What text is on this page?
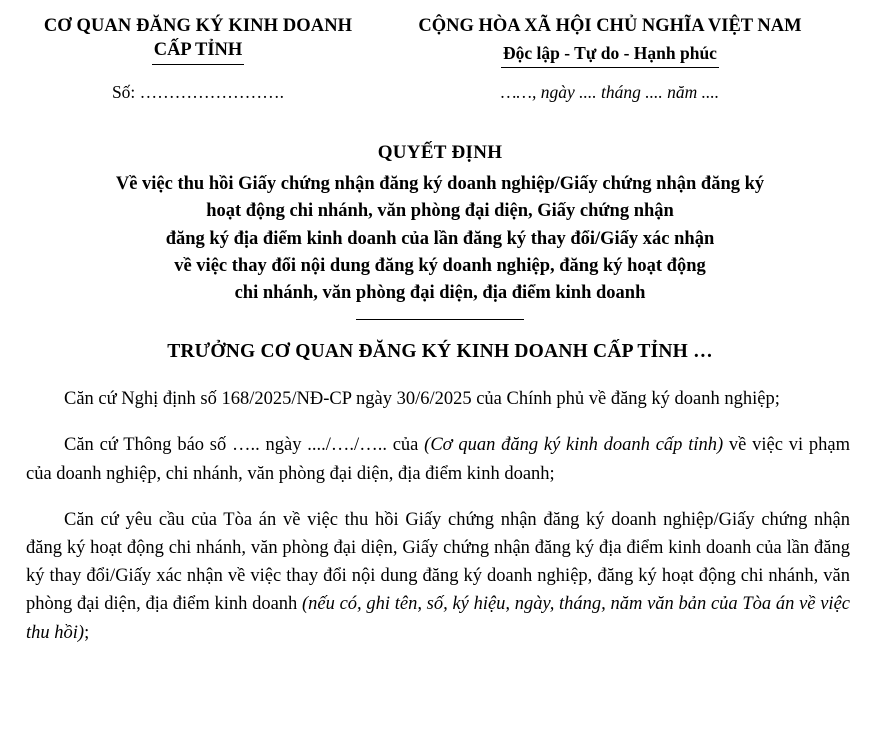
CƠ QUAN ĐĂNG KÝ KINH DOANH
CẤP TỈNH
CỘNG HÒA XÃ HỘI CHỦ NGHĨA VIỆT NAM
Độc lập - Tự do - Hạnh phúc
Số: …………………….	……, ngày .... tháng .... năm ....
QUYẾT ĐỊNH
Về việc thu hồi Giấy chứng nhận đăng ký doanh nghiệp/Giấy chứng nhận đăng ký
hoạt động chi nhánh, văn phòng đại diện, Giấy chứng nhận
đăng ký địa điểm kinh doanh của lần đăng ký thay đổi/Giấy xác nhận
về việc thay đổi nội dung đăng ký doanh nghiệp, đăng ký hoạt động
chi nhánh, văn phòng đại diện, địa điểm kinh doanh
TRƯỞNG CƠ QUAN ĐĂNG KÝ KINH DOANH CẤP TỈNH …

Căn cứ Nghị định số 168/2025/NĐ-CP ngày 30/6/2025 của Chính phủ về đăng ký doanh nghiệp;

Căn cứ Thông báo số ….. ngày ..../…./….. của (Cơ quan đăng ký kinh doanh cấp tỉnh) về việc vi phạm của doanh nghiệp, chi nhánh, văn phòng đại diện, địa điểm kinh doanh;

Căn cứ yêu cầu của Tòa án về việc thu hồi Giấy chứng nhận đăng ký doanh nghiệp/Giấy chứng nhận đăng ký hoạt động chi nhánh, văn phòng đại diện, Giấy chứng nhận đăng ký địa điểm kinh doanh của lần đăng ký thay đổi/Giấy xác nhận về việc thay đổi nội dung đăng ký doanh nghiệp, đăng ký hoạt động chi nhánh, văn phòng đại diện, địa điểm kinh doanh (nếu có, ghi tên, số, ký hiệu, ngày, tháng, năm văn bản của Tòa án về việc thu hồi);
